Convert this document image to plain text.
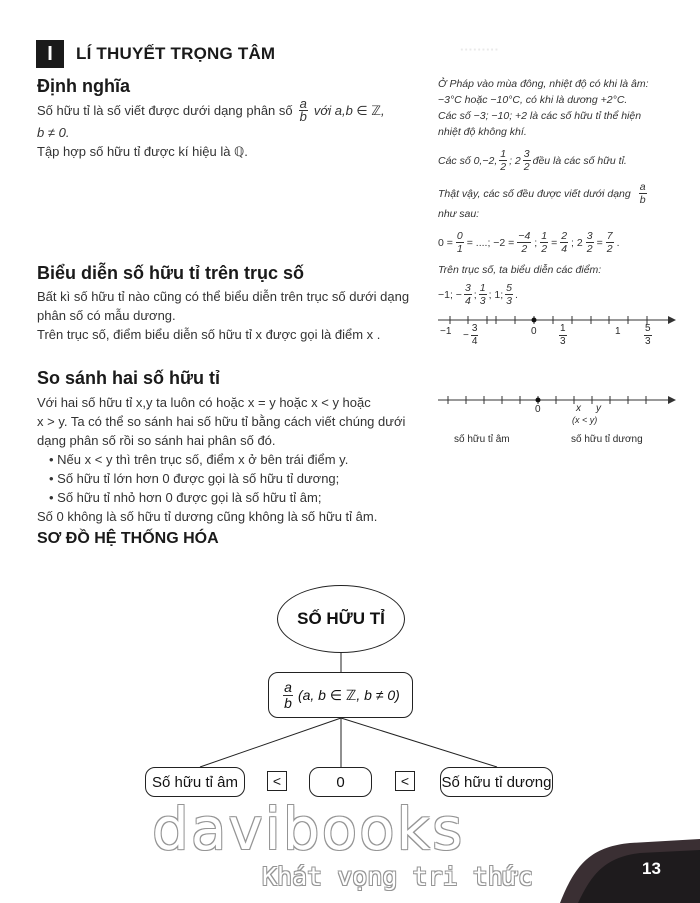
·········
I	LÍ THUYẾT TRỌNG TÂM
Định nghĩa
Số hữu tỉ là số viết được dưới dạng phân số $\frac{a}{b}$ với a,b ∈ ℤ,
b ≠ 0.
Tập hợp số hữu tỉ được kí hiệu là ℚ.
Ở Pháp vào mùa đông, nhiệt độ có khi là âm:
−3°C hoặc −10°C, có khi là dương +2°C.
Các số −3; −10; +2 là các số hữu tỉ thể hiện
nhiệt độ không khí.
Các số 0,−2, $\frac{1}{2}$ ; $2 \frac{3}{2}$ đều là các số hữu tỉ.
Thật vậy, các số đều được viết dưới dạng $\frac{a}{b}$
như sau:
$0 = \frac{0}{1}$ = ....; $-2 = \frac{-4}{2}$ ; $\frac{1}{2} = \frac{2}{4}$ ; $2 \frac{3}{2} = \frac{7}{2}$ .
Biểu diễn số hữu tỉ trên trục số
Bất kì số hữu tỉ nào cũng có thể biểu diễn trên trục số dưới dạng
phân số có mẫu dương.
Trên trục số, điểm biểu diễn số hữu tỉ x được gọi là điểm x .
Trên trục số, ta biểu diễn các điểm:
−1; − $\frac{3}{4}$ ; $\frac{1}{3}$ ; 1; $\frac{5}{3}$ .
$-1 - \frac{3}{4}$	$0 \frac{1}{3}$	$1 \frac{5}{3}$
So sánh hai số hữu tỉ
Với hai số hữu tỉ x,y ta luôn có hoặc x = y hoặc x < y hoặc
x > y. Ta có thể so sánh hai số hữu tỉ bằng cách viết chúng dưới
dạng phân số rồi so sánh hai phân số đó.
• Nếu x < y thì trên trục số, điểm x ở bên trái điểm y.
• Số hữu tỉ lớn hơn 0 được gọi là số hữu tỉ dương;
• Số hữu tỉ nhỏ hơn 0 được gọi là số hữu tỉ âm;
Số 0 không là số hữu tỉ dương cũng không là số hữu tỉ âm.
0	x y
(x < y)
số hữu tỉ âm	số hữu tỉ dương
SƠ ĐỒ HỆ THỐNG HÓA
SỐ HỮU TỈ
$\frac{a}{b} (a$, b ∈ ℤ, b ≠ 0)
Số hữu tỉ âm	<	0	<	Số hữu tỉ dương
davibooks
Khát vọng tri thức	13
